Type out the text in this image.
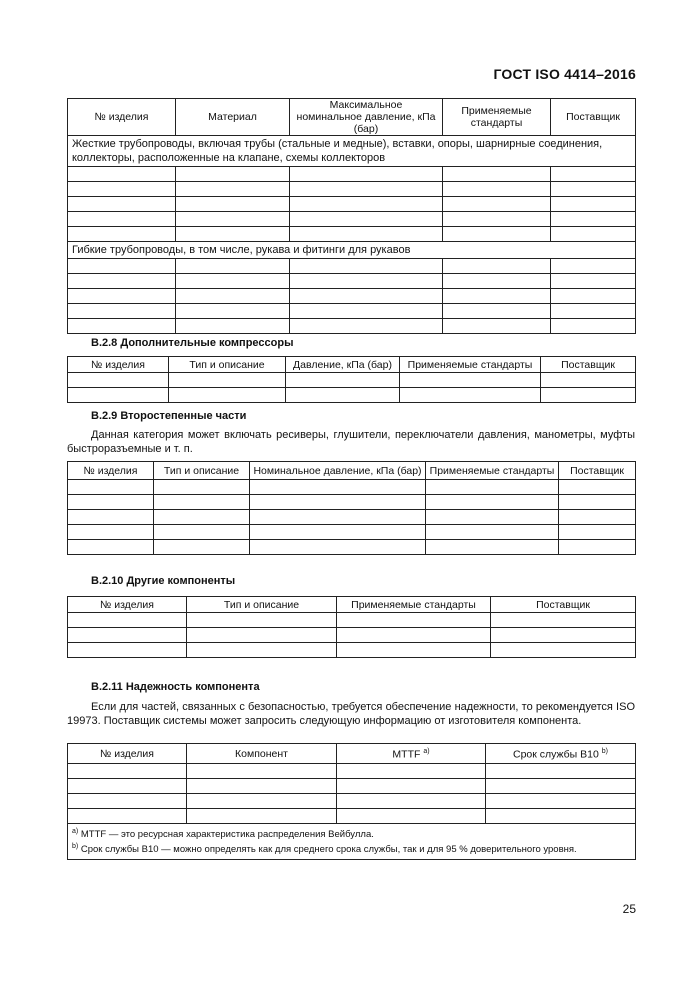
ГОСТ ISO 4414–2016
№ изделия	Материал	Максимальное номинальное давление, кПа (бар)	Применяемые стандарты	Поставщик
Жесткие трубопроводы, включая трубы (стальные и медные), вставки, опоры, шарнирные соединения, коллекторы, расположенные на клапане, схемы коллекторов				

Гибкие трубопроводы, в том числе, рукава и фитинги для рукавов				

В.2.8 Дополнительные компрессоры
№ изделия	Тип и описание	Давление, кПа (бар)	Применяемые стандарты	Поставщик

В.2.9 Второстепенные части
Данная категория может включать ресиверы, глушители, переключатели давления, манометры, муфты быстроразъемные и т. п.
№ изделия	Тип и описание	Номинальное давление, кПа (бар)	Применяемые стандарты	Поставщик

В.2.10 Другие компоненты
№ изделия	Тип и описание	Применяемые стандарты	Поставщик

В.2.11 Надежность компонента
Если для частей, связанных с безопасностью, требуется обеспечение надежности, то рекомендуется ISO 19973. Поставщик системы может запросить следующую информацию от изготовителя компонента.
№ изделия	Компонент	MTTF $^{a)}$	Срок службы B10 $^{b)}$

$^{a)}$ MTTF — это ресурсная характеристика распределения Вейбулла.
$^{b)}$ Срок службы B10 — можно определять как для среднего срока службы, так и для 95 % доверительного уровня.			
25
